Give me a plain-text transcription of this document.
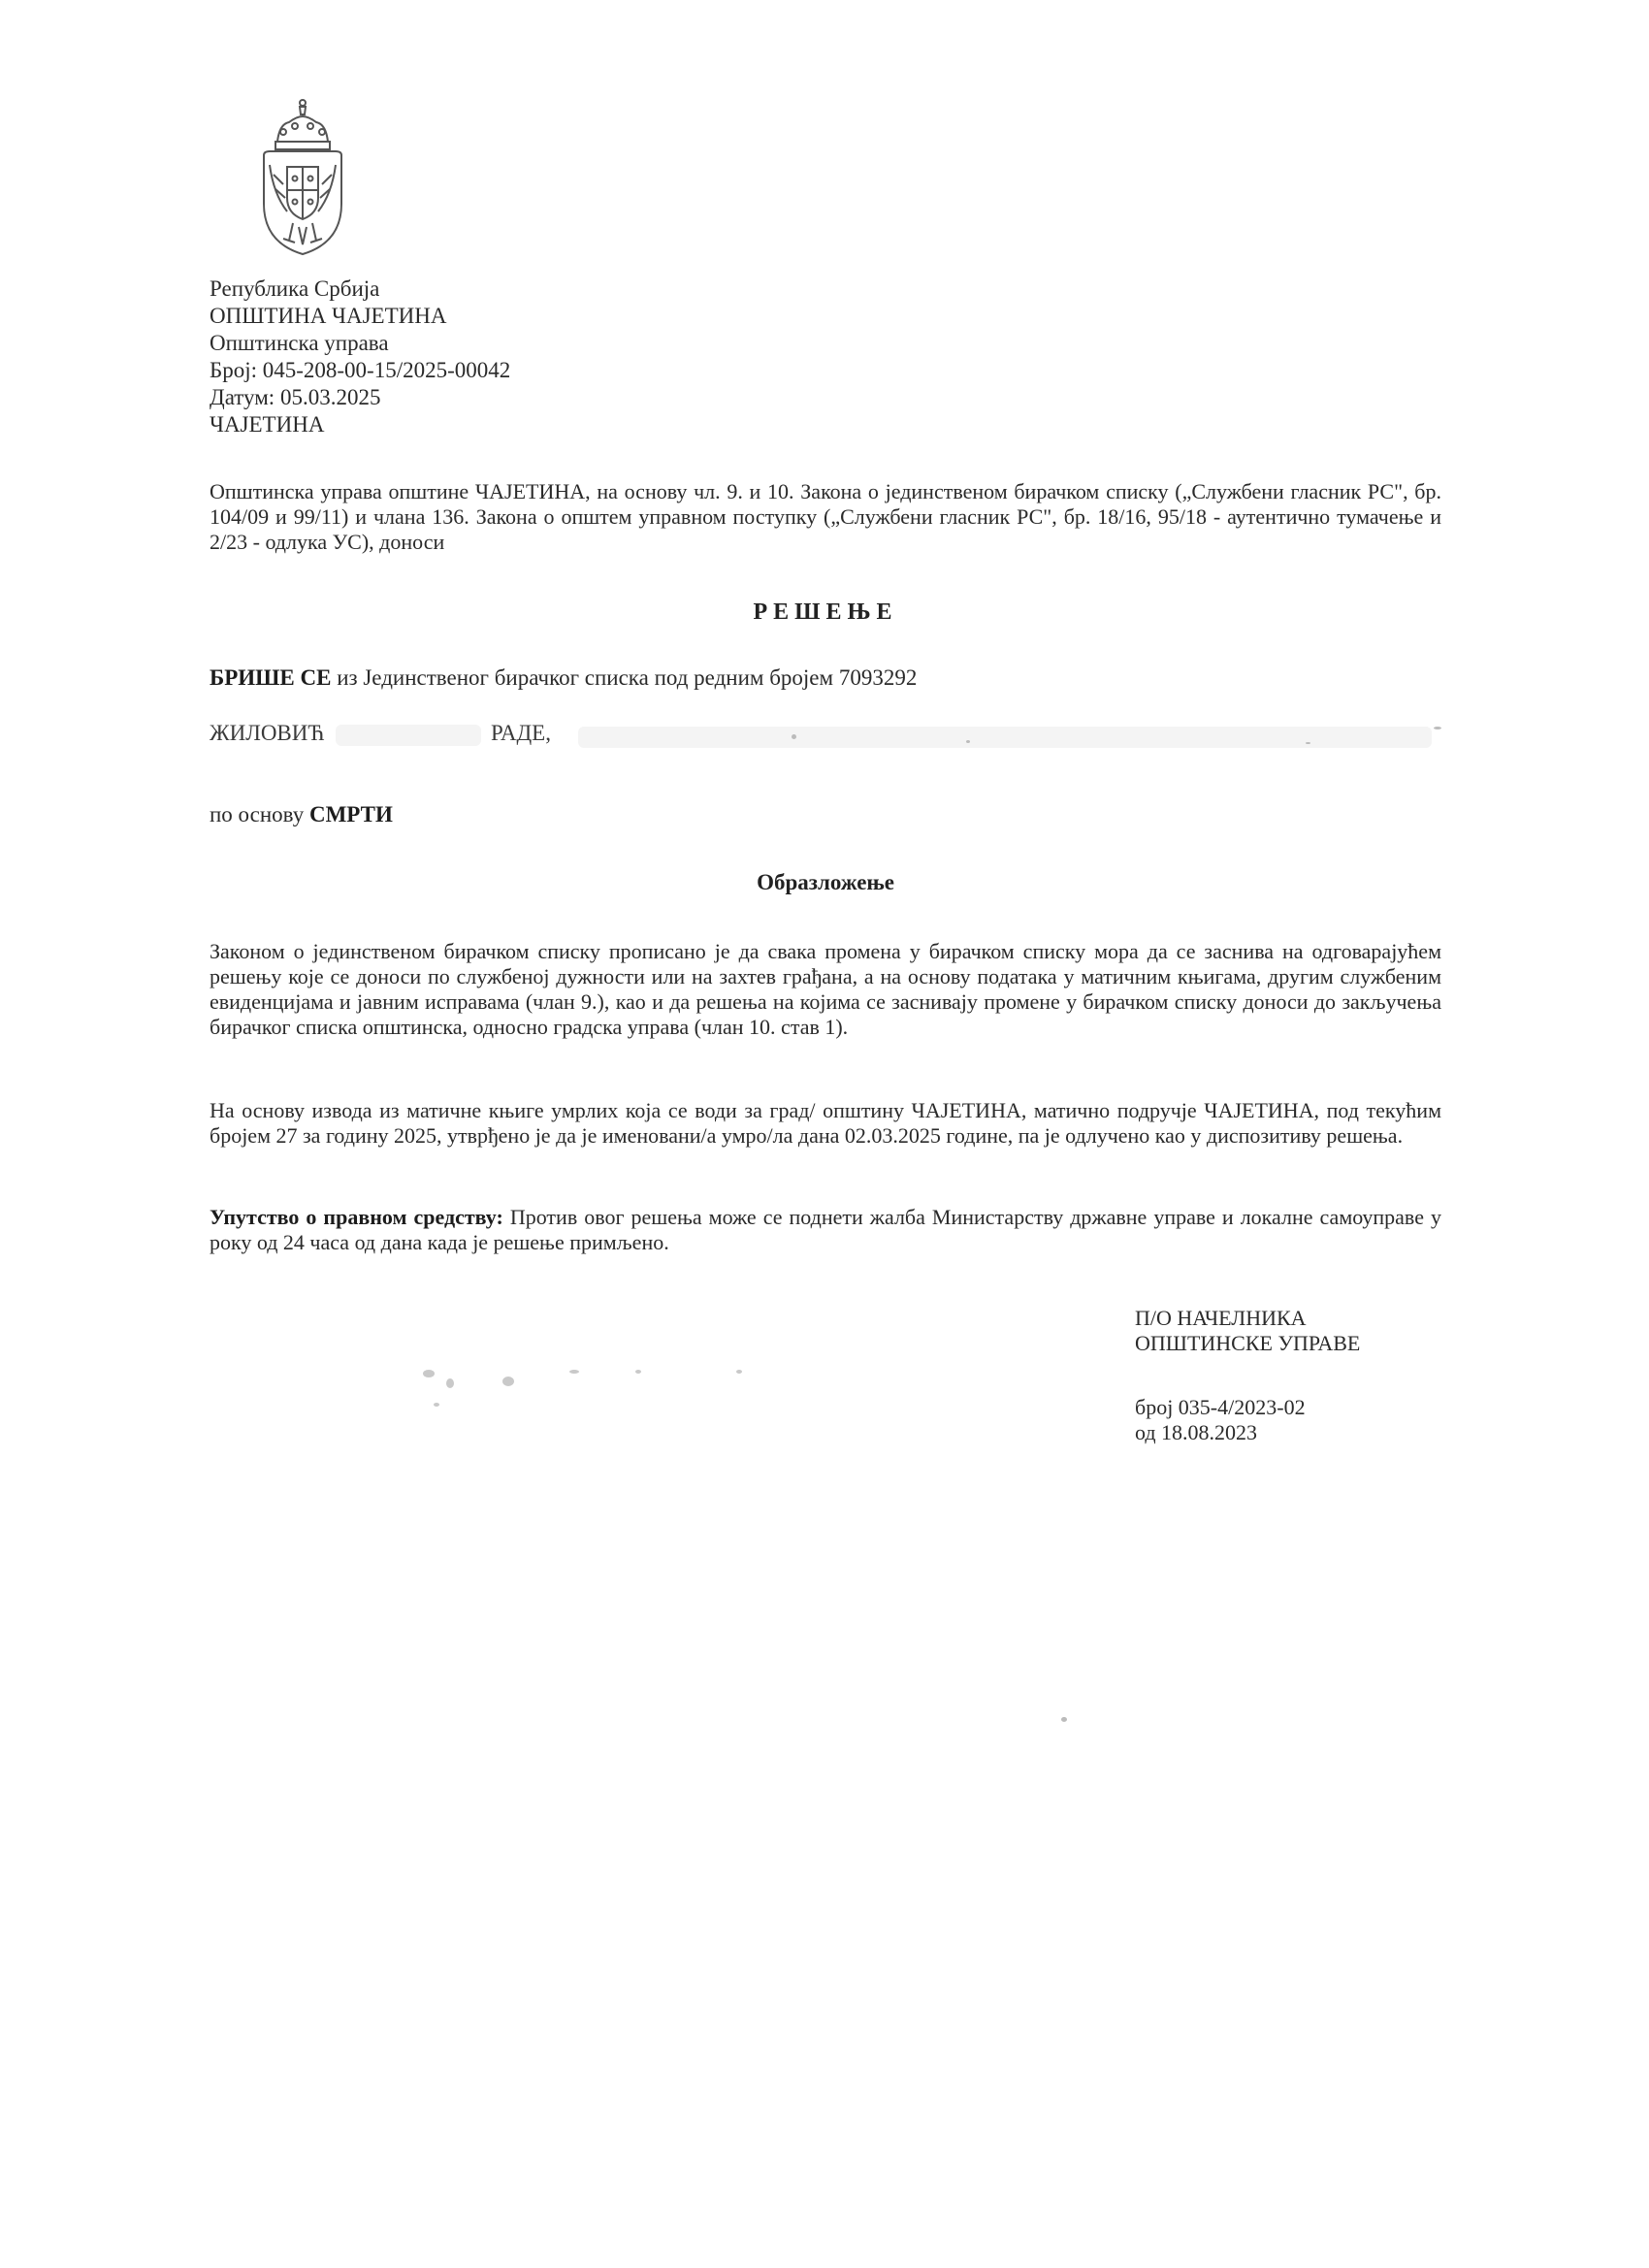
Република Србија
ОПШТИНА ЧАЈЕТИНА
Општинска управа
Број: 045-208-00-15/2025-00042
Датум: 05.03.2025
ЧАЈЕТИНА
Општинска управа општине ЧАЈЕТИНА, на основу чл. 9. и 10. Закона о јединственом бирачком списку („Службени гласник РС", бр. 104/09 и 99/11) и члана 136. Закона о општем управном поступку („Службени гласник РС", бр. 18/16, 95/18 - аутентично тумачење и 2/23 - одлука УС), доноси
РЕШЕЊЕ
БРИШЕ СЕ из Јединственог бирачког списка под редним бројем 7093292
ЖИЛОВИЋ	РАДЕ,
по основу СМРТИ
Образложење
Законом о јединственом бирачком списку прописано је да свака промена у бирачком списку мора да се заснива на одговарајућем решењу које се доноси по службеној дужности или на захтев грађана, а на основу података у матичним књигама, другим службеним евиденцијама и јавним исправама (члан 9.), као и да решења на којима се заснивају промене у бирачком списку доноси до закључења бирачког списка општинска, односно градска управа (члан 10. став 1).
На основу извода из матичне књиге умрлих која се води за град/ општину ЧАЈЕТИНА, матично подручје ЧАЈЕТИНА, под текућим бројем 27 за годину 2025, утврђено је да је именовани/а умро/ла дана 02.03.2025 године, па је одлучено као у диспозитиву решења.
Упутство о правном средству: Против овог решења може се поднети жалба Министарству државне управе и локалне самоуправе у року од 24 часа од дана када је решење примљено.
П/О НАЧЕЛНИКА
ОПШТИНСКЕ УПРАВЕ
број 035-4/2023-02
од 18.08.2023
